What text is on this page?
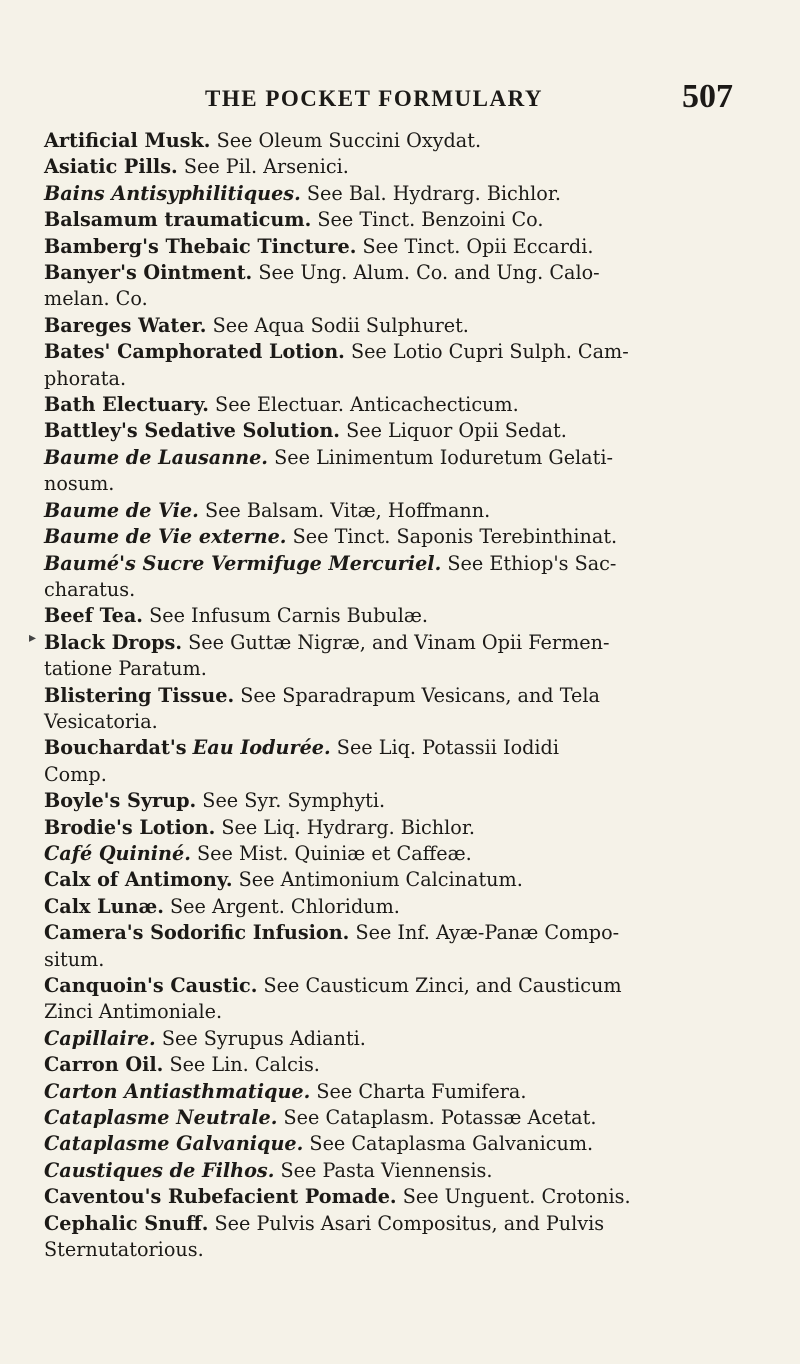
THE POCKET FORMULARY	507
▸
Artificial Musk. See Oleum Succini Oxydat.
Asiatic Pills. See Pil. Arsenici.
Bains Antisyphilitiques. See Bal. Hydrarg. Bichlor.
Balsamum traumaticum. See Tinct. Benzoini Co.
Bamberg's Thebaic Tincture. See Tinct. Opii Eccardi.
Banyer's Ointment. See Ung. Alum. Co. and Ung. Calo-
melan. Co.
Bareges Water. See Aqua Sodii Sulphuret.
Bates' Camphorated Lotion. See Lotio Cupri Sulph. Cam-
phorata.
Bath Electuary. See Electuar. Anticachecticum.
Battley's Sedative Solution. See Liquor Opii Sedat.
Baume de Lausanne. See Linimentum Ioduretum Gelati-
nosum.
Baume de Vie. See Balsam. Vitæ, Hoffmann.
Baume de Vie externe. See Tinct. Saponis Terebinthinat.
Baumé's Sucre Vermifuge Mercuriel. See Ethiop's Sac-
charatus.
Beef Tea. See Infusum Carnis Bubulæ.
Black Drops. See Guttæ Nigræ, and Vinam Opii Fermen-
tatione Paratum.
Blistering Tissue. See Sparadrapum Vesicans, and Tela
Vesicatoria.
Bouchardat's Eau Iodurée. See Liq. Potassii Iodidi
Comp.
Boyle's Syrup. See Syr. Symphyti.
Brodie's Lotion. See Liq. Hydrarg. Bichlor.
Café Quininé. See Mist. Quiniæ et Caffeæ.
Calx of Antimony. See Antimonium Calcinatum.
Calx Lunæ. See Argent. Chloridum.
Camera's Sodorific Infusion. See Inf. Ayæ-Panæ Compo-
situm.
Canquoin's Caustic. See Causticum Zinci, and Causticum
Zinci Antimoniale.
Capillaire. See Syrupus Adianti.
Carron Oil. See Lin. Calcis.
Carton Antiasthmatique. See Charta Fumifera.
Cataplasme Neutrale. See Cataplasm. Potassæ Acetat.
Cataplasme Galvanique. See Cataplasma Galvanicum.
Caustiques de Filhos. See Pasta Viennensis.
Caventou's Rubefacient Pomade. See Unguent. Crotonis.
Cephalic Snuff. See Pulvis Asari Compositus, and Pulvis
Sternutatorious.
